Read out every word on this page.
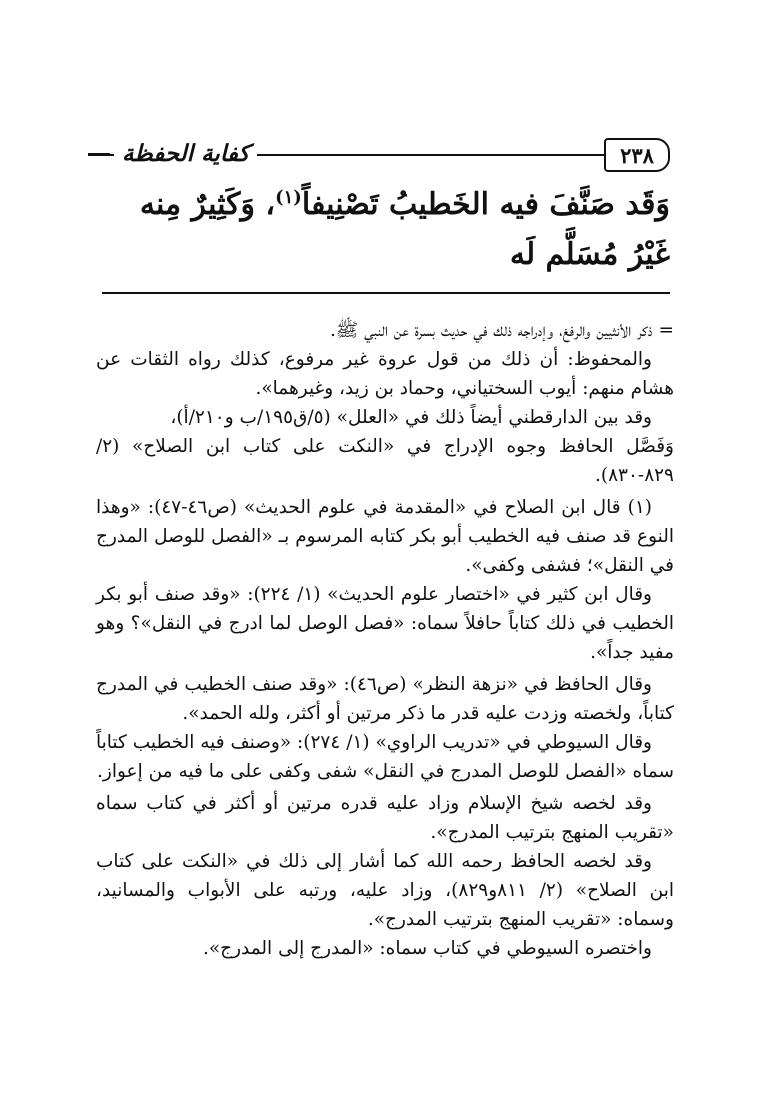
٢٣٨
كفاية الحفظة
وَقَد صَنَّفَ فيه الخَطيبُ تَصْنِيفاً$^{(١)}$، وَكَثِيرٌ مِنه غَيْرُ مُسَلَّم لَه

= ذكر الأنثيين والرفغ، وإدراجه ذلك في حديث بسرة عن النبي ﷺ.

والمحفوظ: أن ذلك من قول عروة غير مرفوع، كذلك رواه الثقات عن هشام منهم: أيوب السختياني، وحماد بن زيد، وغيرهما».

وقد بين الدارقطني أيضاً ذلك في «العلل» (٥/ق١٩٥/ب و٢١٠/أ)،

وَفَصَّل الحافظ وجوه الإدراج في «النكت على كتاب ابن الصلاح» (٢/ ٨٢٩-٨٣٠).

(١) قال ابن الصلاح في «المقدمة في علوم الحديث» (ص٤٦-٤٧): «وهذا النوع قد صنف فيه الخطيب أبو بكر كتابه المرسوم بـ «الفصل للوصل المدرج في النقل»؛ فشفى وكفى».

وقال ابن كثير في «اختصار علوم الحديث» (١/ ٢٢٤): «وقد صنف أبو بكر الخطيب في ذلك كتاباً حافلاً سماه: «فصل الوصل لما ادرج في النقل»؟ وهو مفيد جداً».

وقال الحافظ في «نزهة النظر» (ص٤٦): «وقد صنف الخطيب في المدرج كتاباً، ولخصته وزدت عليه قدر ما ذكر مرتين أو أكثر، ولله الحمد».

وقال السيوطي في «تدريب الراوي» (١/ ٢٧٤): «وصنف فيه الخطيب كتاباً سماه «الفصل للوصل المدرج في النقل» شفى وكفى على ما فيه من إعواز.

وقد لخصه شيخ الإسلام وزاد عليه قدره مرتين أو أكثر في كتاب سماه «تقريب المنهج بترتيب المدرج».

وقد لخصه الحافظ رحمه الله كما أشار إلى ذلك في «النكت على كتاب ابن الصلاح» (٢/ ٨١١و٨٢٩)، وزاد عليه، ورتبه على الأبواب والمسانيد، وسماه: «تقريب المنهج بترتيب المدرج».

واختصره السيوطي في كتاب سماه: «المدرج إلى المدرج».
